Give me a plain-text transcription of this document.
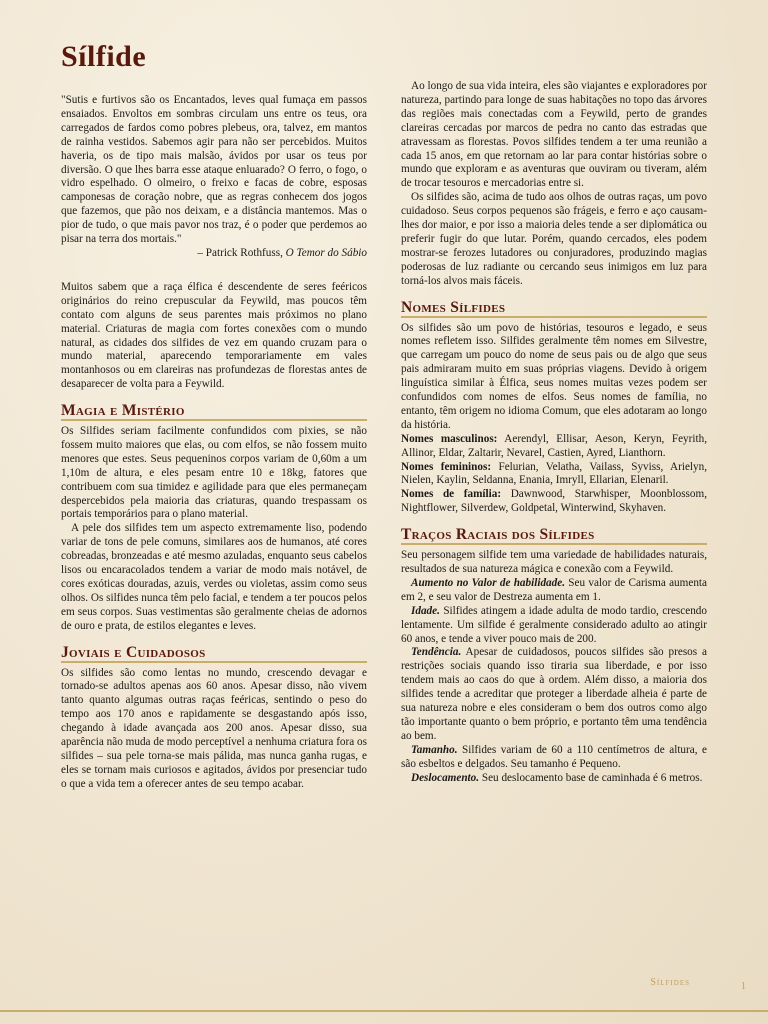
Sílfide

"Sutis e furtivos são os Encantados, leves qual fumaça em passos ensaiados. Envoltos em sombras circulam uns entre os teus, ora carregados de fardos como pobres plebeus, ora, talvez, em mantos de rainha vestidos. Sabemos agir para não ser percebidos. Muitos haveria, os de tipo mais malsão, ávidos por usar os teus por diversão. O que lhes barra esse ataque enluarado? O ferro, o fogo, o vidro espelhado. O olmeiro, o freixo e facas de cobre, esposas camponesas de coração nobre, que as regras conhecem dos jogos que fazemos, que pão nos deixam, e a distância mantemos. Mas o pior de tudo, o que mais pavor nos traz, é o poder que perdemos ao pisar na terra dos mortais."

– Patrick Rothfuss, O Temor do Sábio

Muitos sabem que a raça élfica é descendente de seres feéricos originários do reino crepuscular da Feywild, mas poucos têm contato com alguns de seus parentes mais próximos no plano material. Criaturas de magia com fortes conexões com o mundo natural, as cidades dos silfides de vez em quando cruzam para o mundo material, aparecendo temporariamente em vales montanhosos ou em clareiras nas profundezas de florestas antes de desaparecer de volta para a Feywild.

Magia e Mistério

Os Silfides seriam facilmente confundidos com pixies, se não fossem muito maiores que elas, ou com elfos, se não fossem muito menores que estes. Seus pequeninos corpos variam de 0,60m a um 1,10m de altura, e eles pesam entre 10 e 18kg, fatores que contribuem com sua timidez e agilidade para que eles permaneçam despercebidos pela maioria das criaturas, quando trespassam os portais temporários para o plano material.

A pele dos silfides tem um aspecto extremamente liso, podendo variar de tons de pele comuns, similares aos de humanos, até cores cobreadas, bronzeadas e até mesmo azuladas, enquanto seus cabelos lisos ou encaracolados tendem a variar de modo mais notável, de cores exóticas douradas, azuis, verdes ou violetas, assim como seus olhos. Os silfides nunca têm pelo facial, e tendem a ter poucos pelos em seus corpos. Suas vestimentas são geralmente cheias de adornos de ouro e prata, de estilos elegantes e leves.

Joviais e Cuidadosos

Os silfides são como lentas no mundo, crescendo devagar e tornado-se adultos apenas aos 60 anos. Apesar disso, não vivem tanto quanto algumas outras raças feéricas, sentindo o peso do tempo aos 170 anos e rapidamente se desgastando após isso, chegando à idade avançada aos 200 anos. Apesar disso, sua aparência não muda de modo perceptível a nenhuma criatura fora os silfides – sua pele torna-se mais pálida, mas nunca ganha rugas, e eles se tornam mais curiosos e agitados, ávidos por presenciar tudo o que a vida tem a oferecer antes de seu tempo acabar.

Ao longo de sua vida inteira, eles são viajantes e exploradores por natureza, partindo para longe de suas habitações no topo das árvores das regiões mais conectadas com a Feywild, perto de grandes clareiras cercadas por marcos de pedra no canto das estradas que atravessam as florestas. Povos silfides tendem a ter uma reunião a cada 15 anos, em que retornam ao lar para contar histórias sobre o mundo que exploram e as aventuras que ouviram ou tiveram, além de trocar tesouros e mercadorias entre si.

Os silfides são, acima de tudo aos olhos de outras raças, um povo cuidadoso. Seus corpos pequenos são frágeis, e ferro e aço causam-lhes dor maior, e por isso a maioria deles tende a ser diplomática ou preferir fugir do que lutar. Porém, quando cercados, eles podem mostrar-se ferozes lutadores ou conjuradores, produzindo magias poderosas de luz radiante ou cercando seus inimigos em luz para torná-los alvos mais fáceis.

Nomes Sílfides

Os silfides são um povo de histórias, tesouros e legado, e seus nomes refletem isso. Silfides geralmente têm nomes em Silvestre, que carregam um pouco do nome de seus pais ou de algo que seus pais admiraram muito em suas próprias viagens. Devido à origem linguística similar à Élfica, seus nomes muitas vezes podem ser confundidos com nomes de elfos. Seus nomes de família, no entanto, têm origem no idioma Comum, que eles adotaram ao longo da história.

Nomes masculinos: Aerendyl, Ellisar, Aeson, Keryn, Feyrith, Allinor, Eldar, Zaltarir, Nevarel, Castien, Ayred, Lianthorn.

Nomes femininos: Felurian, Velatha, Vailass, Syviss, Arielyn, Nielen, Kaylin, Seldanna, Enania, Imryll, Ellarian, Elenaril.

Nomes de família: Dawnwood, Starwhisper, Moonblossom, Nightflower, Silverdew, Goldpetal, Winterwind, Skyhaven.

Traços Raciais dos Sílfides

Seu personagem silfide tem uma variedade de habilidades naturais, resultados de sua natureza mágica e conexão com a Feywild.

Aumento no Valor de habilidade. Seu valor de Carisma aumenta em 2, e seu valor de Destreza aumenta em 1.

Idade. Silfides atingem a idade adulta de modo tardio, crescendo lentamente. Um silfide é geralmente considerado adulto ao atingir 60 anos, e tende a viver pouco mais de 200.

Tendência. Apesar de cuidadosos, poucos silfides são presos a restrições sociais quando isso tiraria sua liberdade, e por isso tendem mais ao caos do que à ordem. Além disso, a maioria dos silfides tende a acreditar que proteger a liberdade alheia é parte de sua natureza nobre e eles consideram o bem dos outros como algo tão importante quanto o bem próprio, e portanto têm uma tendência ao bem.

Tamanho. Silfides variam de 60 a 110 centímetros de altura, e são esbeltos e delgados. Seu tamanho é Pequeno.

Deslocamento. Seu deslocamento base de caminhada é 6 metros.

Sílfides	1
